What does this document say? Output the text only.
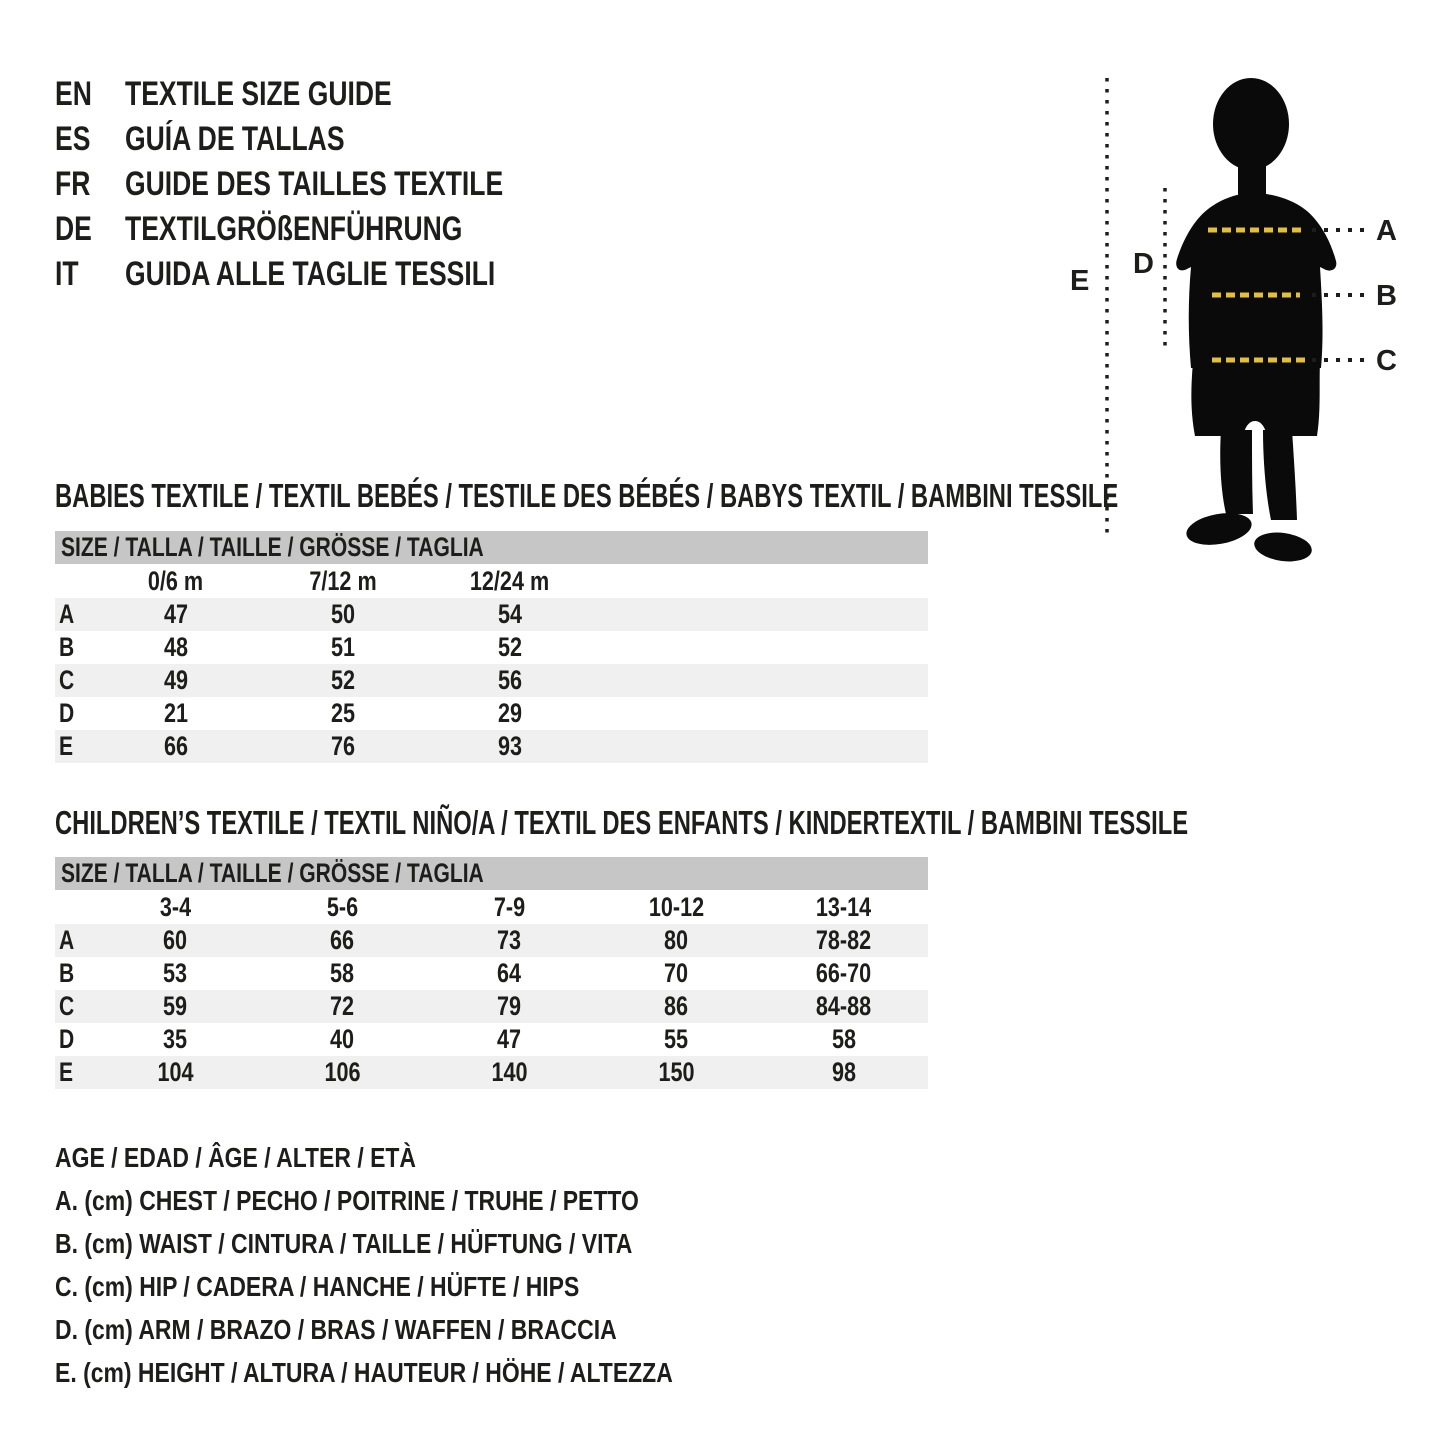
EN TEXTILE SIZE GUIDE
ES	GUÍA DE TALLAS
FR	GUIDE DES TAILLES TEXTILE
DE TEXTILGRÖßENFÜHRUNG
IT	GUIDA ALLE TAGLIE TESSILI
A
B
C
D
E
BABIES TEXTILE / TEXTIL BEBÉS / TESTILE DES BÉBÉS / BABYS TEXTIL / BAMBINI TESSILE
SIZE / TALLA / TAILLE / GRÖSSE / TAGLIA				
	0/6 m	7/12 m	12/24 m	
A	47	50	54	
B	48	51	52	
C	49	52	56	
D	21	25	29	
E	66	76	93	
CHILDREN’S TEXTILE / TEXTIL NIÑO/A / TEXTIL DES ENFANTS / KINDERTEXTIL / BAMBINI TESSILE
SIZE / TALLA / TAILLE / GRÖSSE / TAGLIA					
	3-4	5-6	7-9	10-12	13-14
A	60	66	73	80	78-82
B	53	58	64	70	66-70
C	59	72	79	86	84-88
D	35	40	47	55	58
E	104	106	140	150	98
AGE / EDAD / ÂGE / ALTER / ETÀ
A. (cm) CHEST / PECHO / POITRINE / TRUHE / PETTO
B. (cm) WAIST / CINTURA / TAILLE / HÜFTUNG / VITA
C. (cm) HIP / CADERA / HANCHE / HÜFTE / HIPS
D. (cm) ARM / BRAZO / BRAS / WAFFEN / BRACCIA
E. (cm) HEIGHT / ALTURA / HAUTEUR / HÖHE / ALTEZZA
